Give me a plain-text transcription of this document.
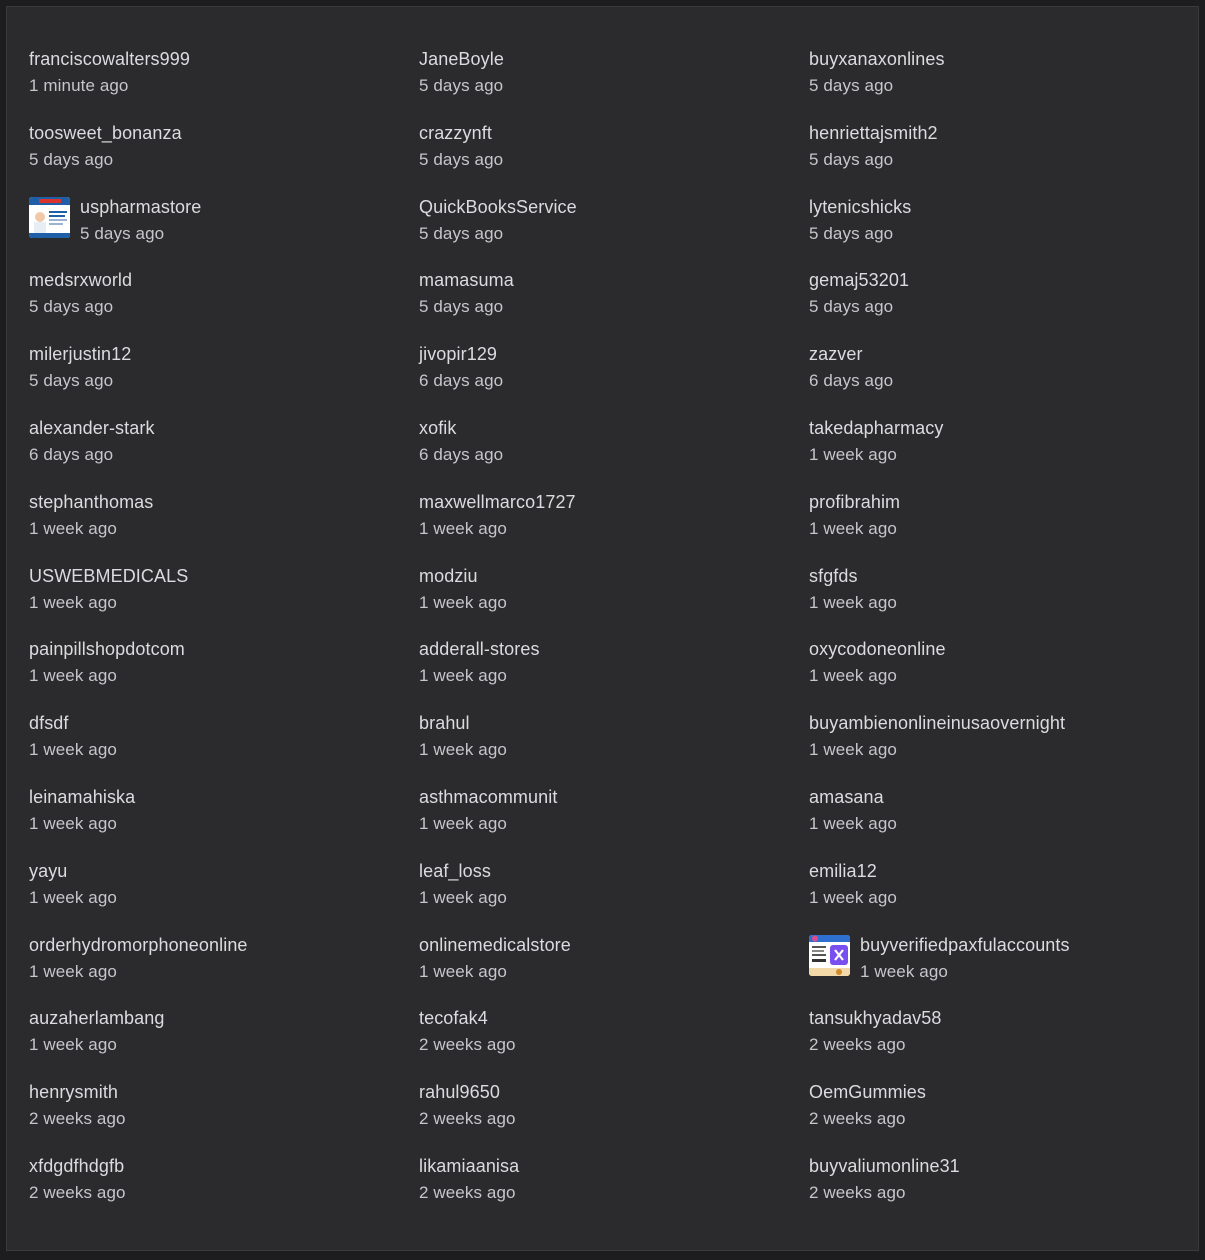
franciscowalters999
1 minute ago
JaneBoyle
5 days ago
buyxanaxonlines
5 days ago
toosweet_bonanza
5 days ago
crazzynft
5 days ago
henriettajsmith2
5 days ago
uspharmastore
5 days ago
QuickBooksService
5 days ago
lytenicshicks
5 days ago
medsrxworld
5 days ago
mamasuma
5 days ago
gemaj53201
5 days ago
milerjustin12
5 days ago
jivopir129
6 days ago
zazver
6 days ago
alexander-stark
6 days ago
xofik
6 days ago
takedapharmacy
1 week ago
stephanthomas
1 week ago
maxwellmarco1727
1 week ago
profibrahim
1 week ago
USWEBMEDICALS
1 week ago
modziu
1 week ago
sfgfds
1 week ago
painpillshopdotcom
1 week ago
adderall-stores
1 week ago
oxycodoneonline
1 week ago
dfsdf
1 week ago
brahul
1 week ago
buyambienonlineinusaovernight
1 week ago
leinamahiska
1 week ago
asthmacommunit
1 week ago
amasana
1 week ago
yayu
1 week ago
leaf_loss
1 week ago
emilia12
1 week ago
orderhydromorphoneonline
1 week ago
onlinemedicalstore
1 week ago
buyverifiedpaxfulaccounts
1 week ago
auzaherlambang
1 week ago
tecofak4
2 weeks ago
tansukhyadav58
2 weeks ago
henrysmith
2 weeks ago
rahul9650
2 weeks ago
OemGummies
2 weeks ago
xfdgdfhdgfb
2 weeks ago
likamiaanisa
2 weeks ago
buyvaliumonline31
2 weeks ago
